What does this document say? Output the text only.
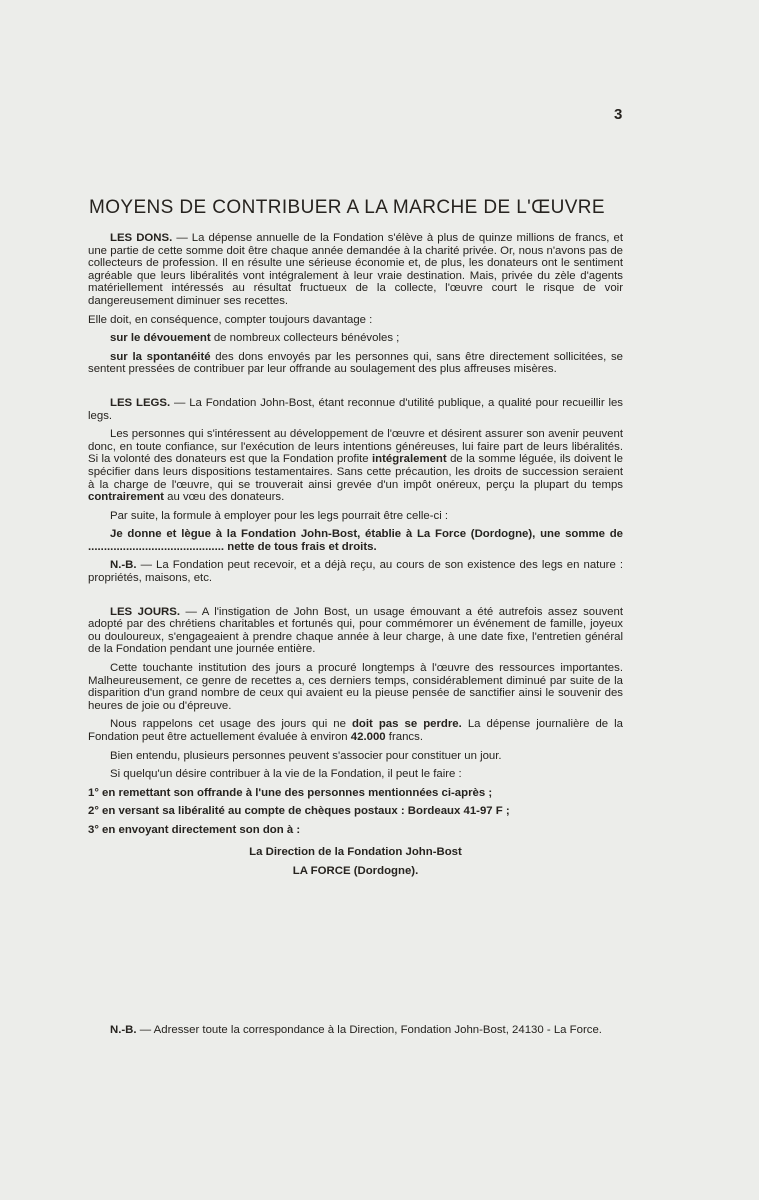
3
MOYENS DE CONTRIBUER A LA MARCHE DE L'ŒUVRE

LES DONS. — La dépense annuelle de la Fondation s'élève à plus de quinze millions de francs, et une partie de cette somme doit être chaque année demandée à la charité privée. Or, nous n'avons pas de collecteurs de profession. Il en résulte une sérieuse économie et, de plus, les donateurs ont le sentiment agréable que leurs libéralités vont intégralement à leur vraie destination. Mais, privée du zèle d'agents matériellement intéressés au résultat fructueux de la collecte, l'œuvre court le risque de voir dangereusement diminuer ses recettes.

Elle doit, en conséquence, compter toujours davantage :

sur le dévouement de nombreux collecteurs bénévoles ;

sur la spontanéité des dons envoyés par les personnes qui, sans être directement sollicitées, se sentent pressées de contribuer par leur offrande au soulagement des plus affreuses misères.

LES LEGS. — La Fondation John-Bost, étant reconnue d'utilité publique, a qualité pour recueillir les legs.

Les personnes qui s'intéressent au développement de l'œuvre et désirent assurer son avenir peuvent donc, en toute confiance, sur l'exécution de leurs intentions généreuses, lui faire part de leurs libéralités. Si la volonté des donateurs est que la Fondation profite intégralement de la somme léguée, ils doivent le spécifier dans leurs dispositions testamentaires. Sans cette précaution, les droits de succession seraient à la charge de l'œuvre, qui se trouverait ainsi grevée d'un impôt onéreux, perçu la plupart du temps contrairement au vœu des donateurs.

Par suite, la formule à employer pour les legs pourrait être celle-ci :

Je donne et lègue à la Fondation John-Bost, établie à La Force (Dordogne), une somme de ........................................... nette de tous frais et droits.

N.-B. — La Fondation peut recevoir, et a déjà reçu, au cours de son existence des legs en nature : propriétés, maisons, etc.

LES JOURS. — A l'instigation de John Bost, un usage émouvant a été autrefois assez souvent adopté par des chrétiens charitables et fortunés qui, pour commémorer un événement de famille, joyeux ou douloureux, s'engageaient à prendre chaque année à leur charge, à une date fixe, l'entretien général de la Fondation pendant une journée entière.

Cette touchante institution des jours a procuré longtemps à l'œuvre des ressources importantes. Malheureusement, ce genre de recettes a, ces derniers temps, considérablement diminué par suite de la disparition d'un grand nombre de ceux qui avaient eu la pieuse pensée de sanctifier ainsi le souvenir des heures de joie ou d'épreuve.

Nous rappelons cet usage des jours qui ne doit pas se perdre. La dépense journalière de la Fondation peut être actuellement évaluée à environ 42.000 francs.

Bien entendu, plusieurs personnes peuvent s'associer pour constituer un jour.

Si quelqu'un désire contribuer à la vie de la Fondation, il peut le faire :

1° en remettant son offrande à l'une des personnes mentionnées ci-après ;
2° en versant sa libéralité au compte de chèques postaux : Bordeaux 41-97 F ;
3° en envoyant directement son don à :
La Direction de la Fondation John-Bost
LA FORCE (Dordogne).

N.-B. — Adresser toute la correspondance à la Direction, Fondation John-Bost, 24130 - La Force.
